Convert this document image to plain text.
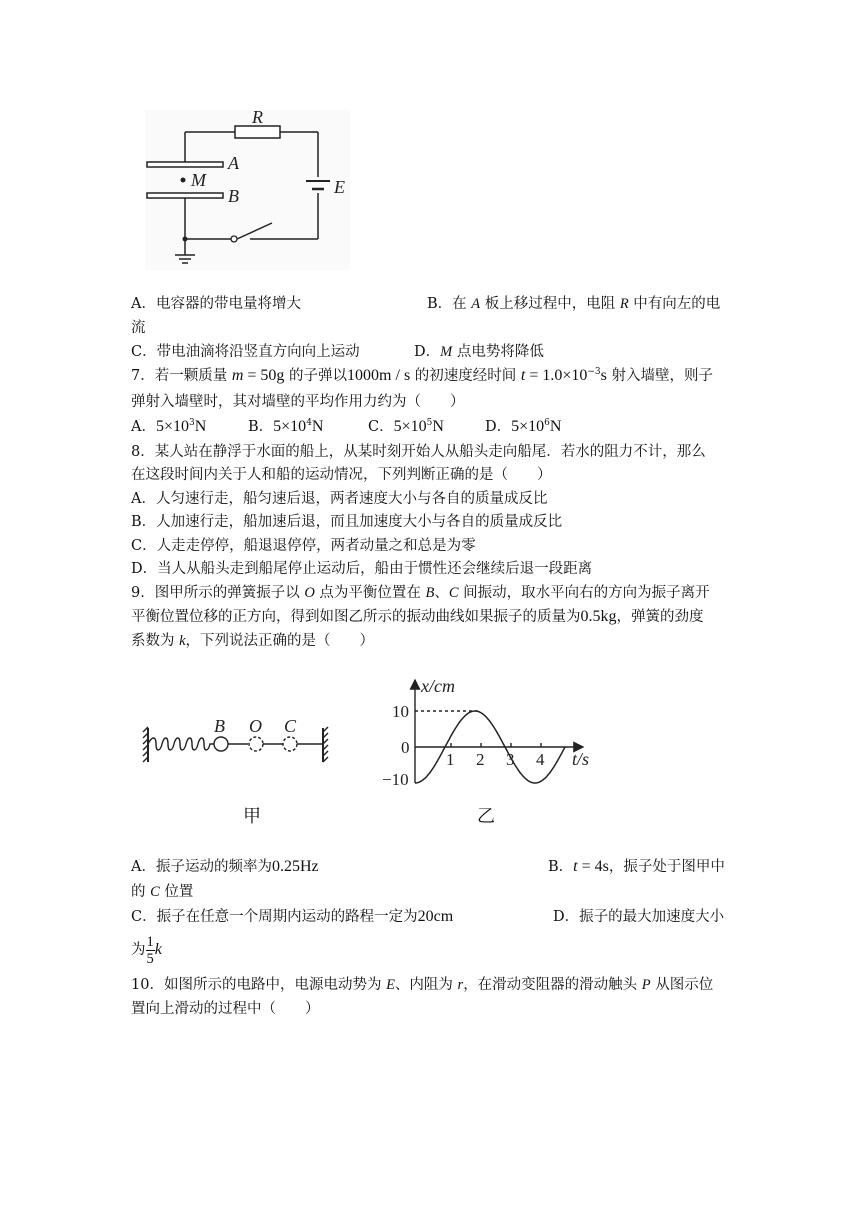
R
A
M
B	E
A．电容器的带电量将增大	B．在 A 板上移过程中，电阻 R 中有向左的电
流
C．带电油滴将沿竖直方向向上运动	D．M 点电势将降低
7．若一颗质量 m = 50g 的子弹以1000m / s 的初速度经时间 $t = 1.0\times 10^{-3}s$ 射入墙壁，则子
弹射入墙壁时，其对墙壁的平均作用力约为（　　）
A．$5\times 10^3N$	B．$5\times 10^4N$	C．$5\times 10^5N$	D．$5\times 10^6N$
8．某人站在静浮于水面的船上，从某时刻开始人从船头走向船尾．若水的阻力不计，那么
在这段时间内关于人和船的运动情况，下列判断正确的是（　　）
A．人匀速行走，船匀速后退，两者速度大小与各自的质量成反比
B．人加速行走，船加速后退，而且加速度大小与各自的质量成反比
C．人走走停停，船退退停停，两者动量之和总是为零
D．当人从船头走到船尾停止运动后，船由于惯性还会继续后退一段距离
9．图甲所示的弹簧振子以 O 点为平衡位置在 B、C 间振动，取水平向右的方向为振子离开
平衡位置位移的正方向，得到如图乙所示的振动曲线如果振子的质量为0.5kg，弹簧的劲度
系数为 k，下列说法正确的是（　　）
B O C
甲
x/cm
10
0
−10
1 2 3 4 t/s
乙
A．振子运动的频率为0.25Hz	B．t = 4s，振子处于图甲中
的 C 位置
C．振子在任意一个周期内运动的路程一定为20cm	D．振子的最大加速度大小
为 $\frac{1}{5}$ k
10．如图所示的电路中，电源电动势为 E、内阻为 r，在滑动变阻器的滑动触头 P 从图示位
置向上滑动的过程中（　　）
